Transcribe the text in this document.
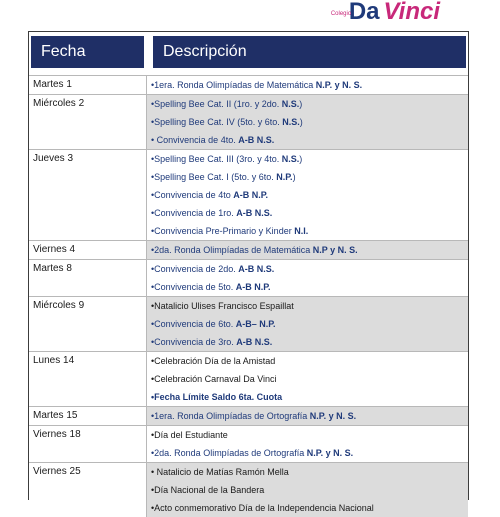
Colegio
Da Vinci
Fecha	Descripción
Martes 1	•1era. Ronda Olimpíadas de Matemática N.P. y N. S.
Miércoles 2	•Spelling Bee Cat. II (1ro. y 2do. N.S.)
•Spelling Bee Cat. IV (5to. y 6to. N.S.)
• Convivencia de 4to. A-B N.S.
Jueves 3	•Spelling Bee Cat. III (3ro. y 4to. N.S.)
•Spelling Bee Cat. I (5to. y 6to. N.P.)
•Convivencia de 4to A-B N.P.
•Convivencia de 1ro. A-B N.S.
•Convivencia Pre-Primario y Kinder N.I.
Viernes 4	•2da. Ronda Olimpíadas de Matemática N.P y N. S.
Martes 8	•Convivencia de 2do. A-B N.S.
•Convivencia de 5to. A-B N.P.
Miércoles 9	•Natalicio Ulises Francisco Espaillat
•Convivencia de 6to. A-B– N.P.
•Convivencia de 3ro. A-B N.S.
Lunes 14	•Celebración Día de la Amistad
•Celebración Carnaval Da Vinci
•Fecha Límite Saldo 6ta. Cuota
Martes 15	•1era. Ronda Olimpíadas de Ortografía N.P. y N. S.
Viernes 18	•Día del Estudiante
•2da. Ronda Olimpíadas de Ortografía N.P. y N. S.
Viernes 25	• Natalicio de Matías Ramón Mella
•Día Nacional de la Bandera
•Acto conmemorativo Día de la Independencia Nacional
